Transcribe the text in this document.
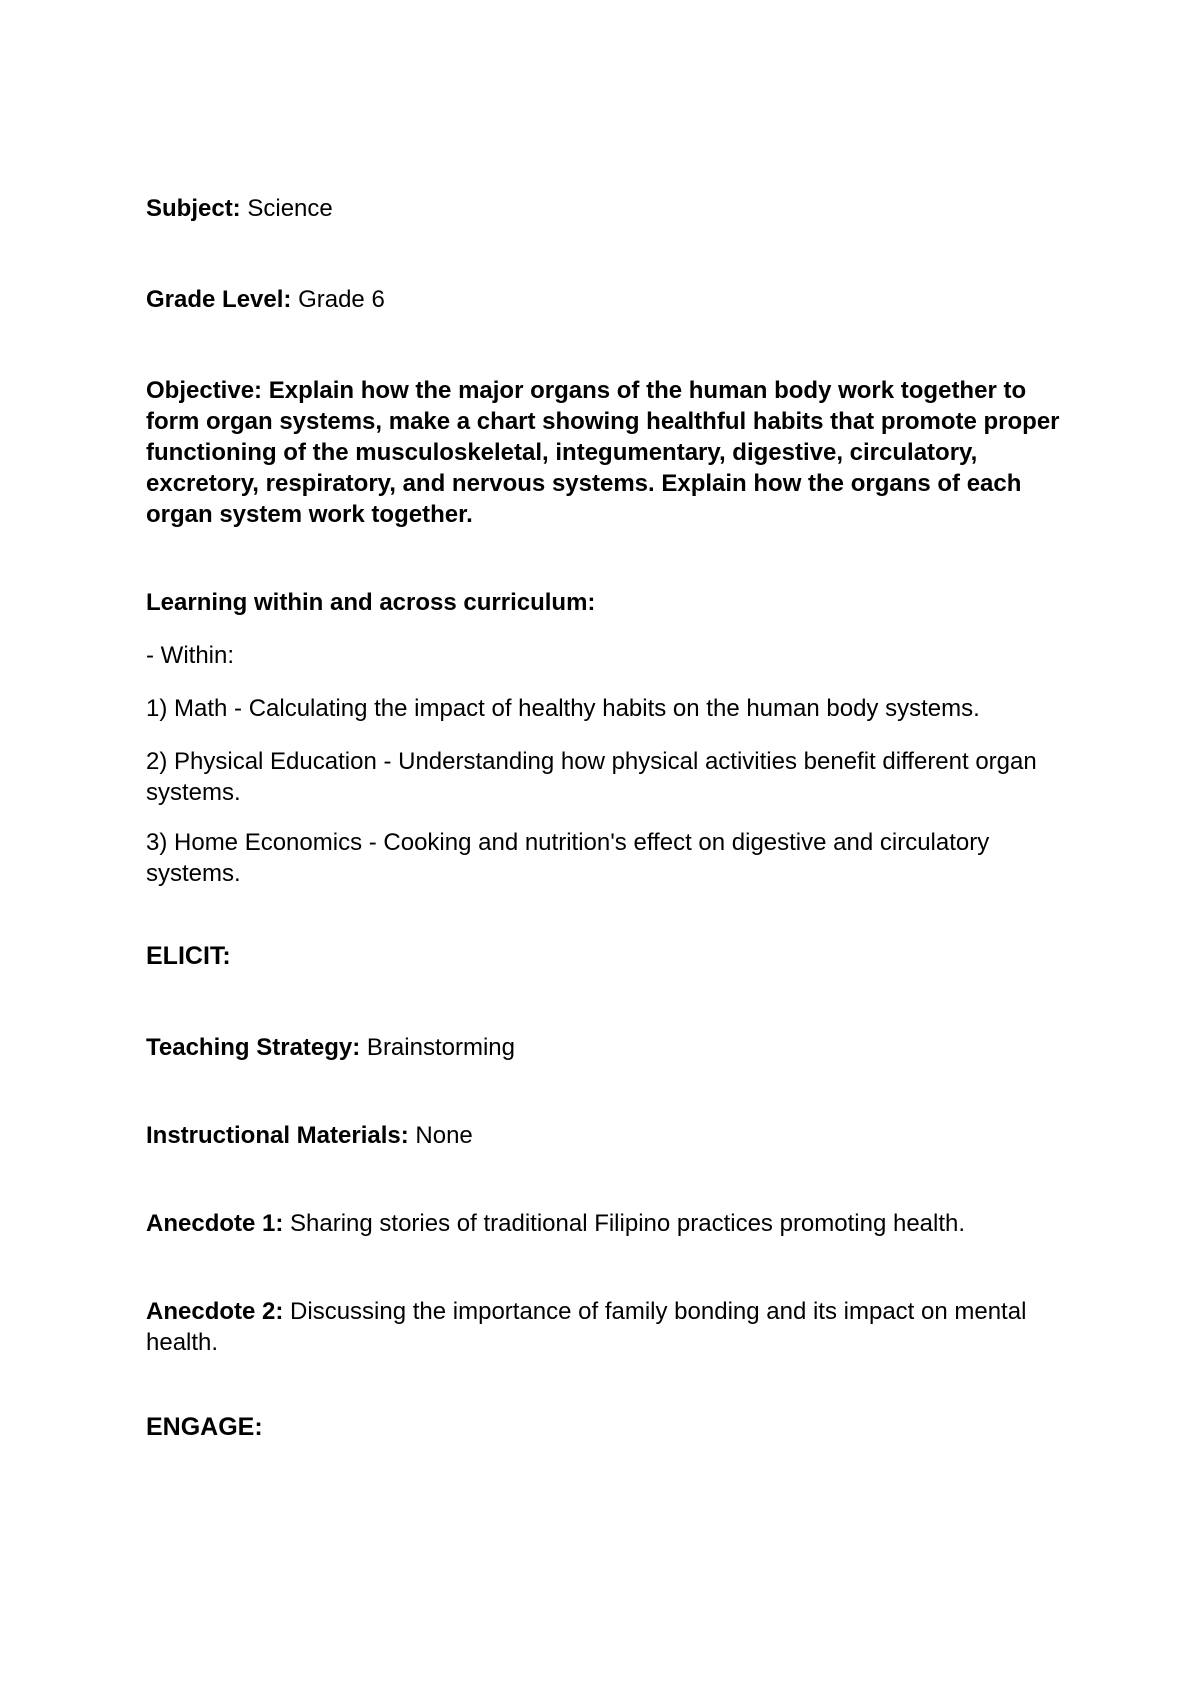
Subject: Science
Grade Level: Grade 6
Objective: Explain how the major organs of the human body work together to form organ systems, make a chart showing healthful habits that promote proper functioning of the musculoskeletal, integumentary, digestive, circulatory, excretory, respiratory, and nervous systems. Explain how the organs of each organ system work together.
Learning within and across curriculum:
- Within:
1) Math - Calculating the impact of healthy habits on the human body systems.
2) Physical Education - Understanding how physical activities benefit different organ systems.
3) Home Economics - Cooking and nutrition's effect on digestive and circulatory systems.
ELICIT:
Teaching Strategy: Brainstorming
Instructional Materials: None
Anecdote 1: Sharing stories of traditional Filipino practices promoting health.
Anecdote 2: Discussing the importance of family bonding and its impact on mental health.
ENGAGE:
